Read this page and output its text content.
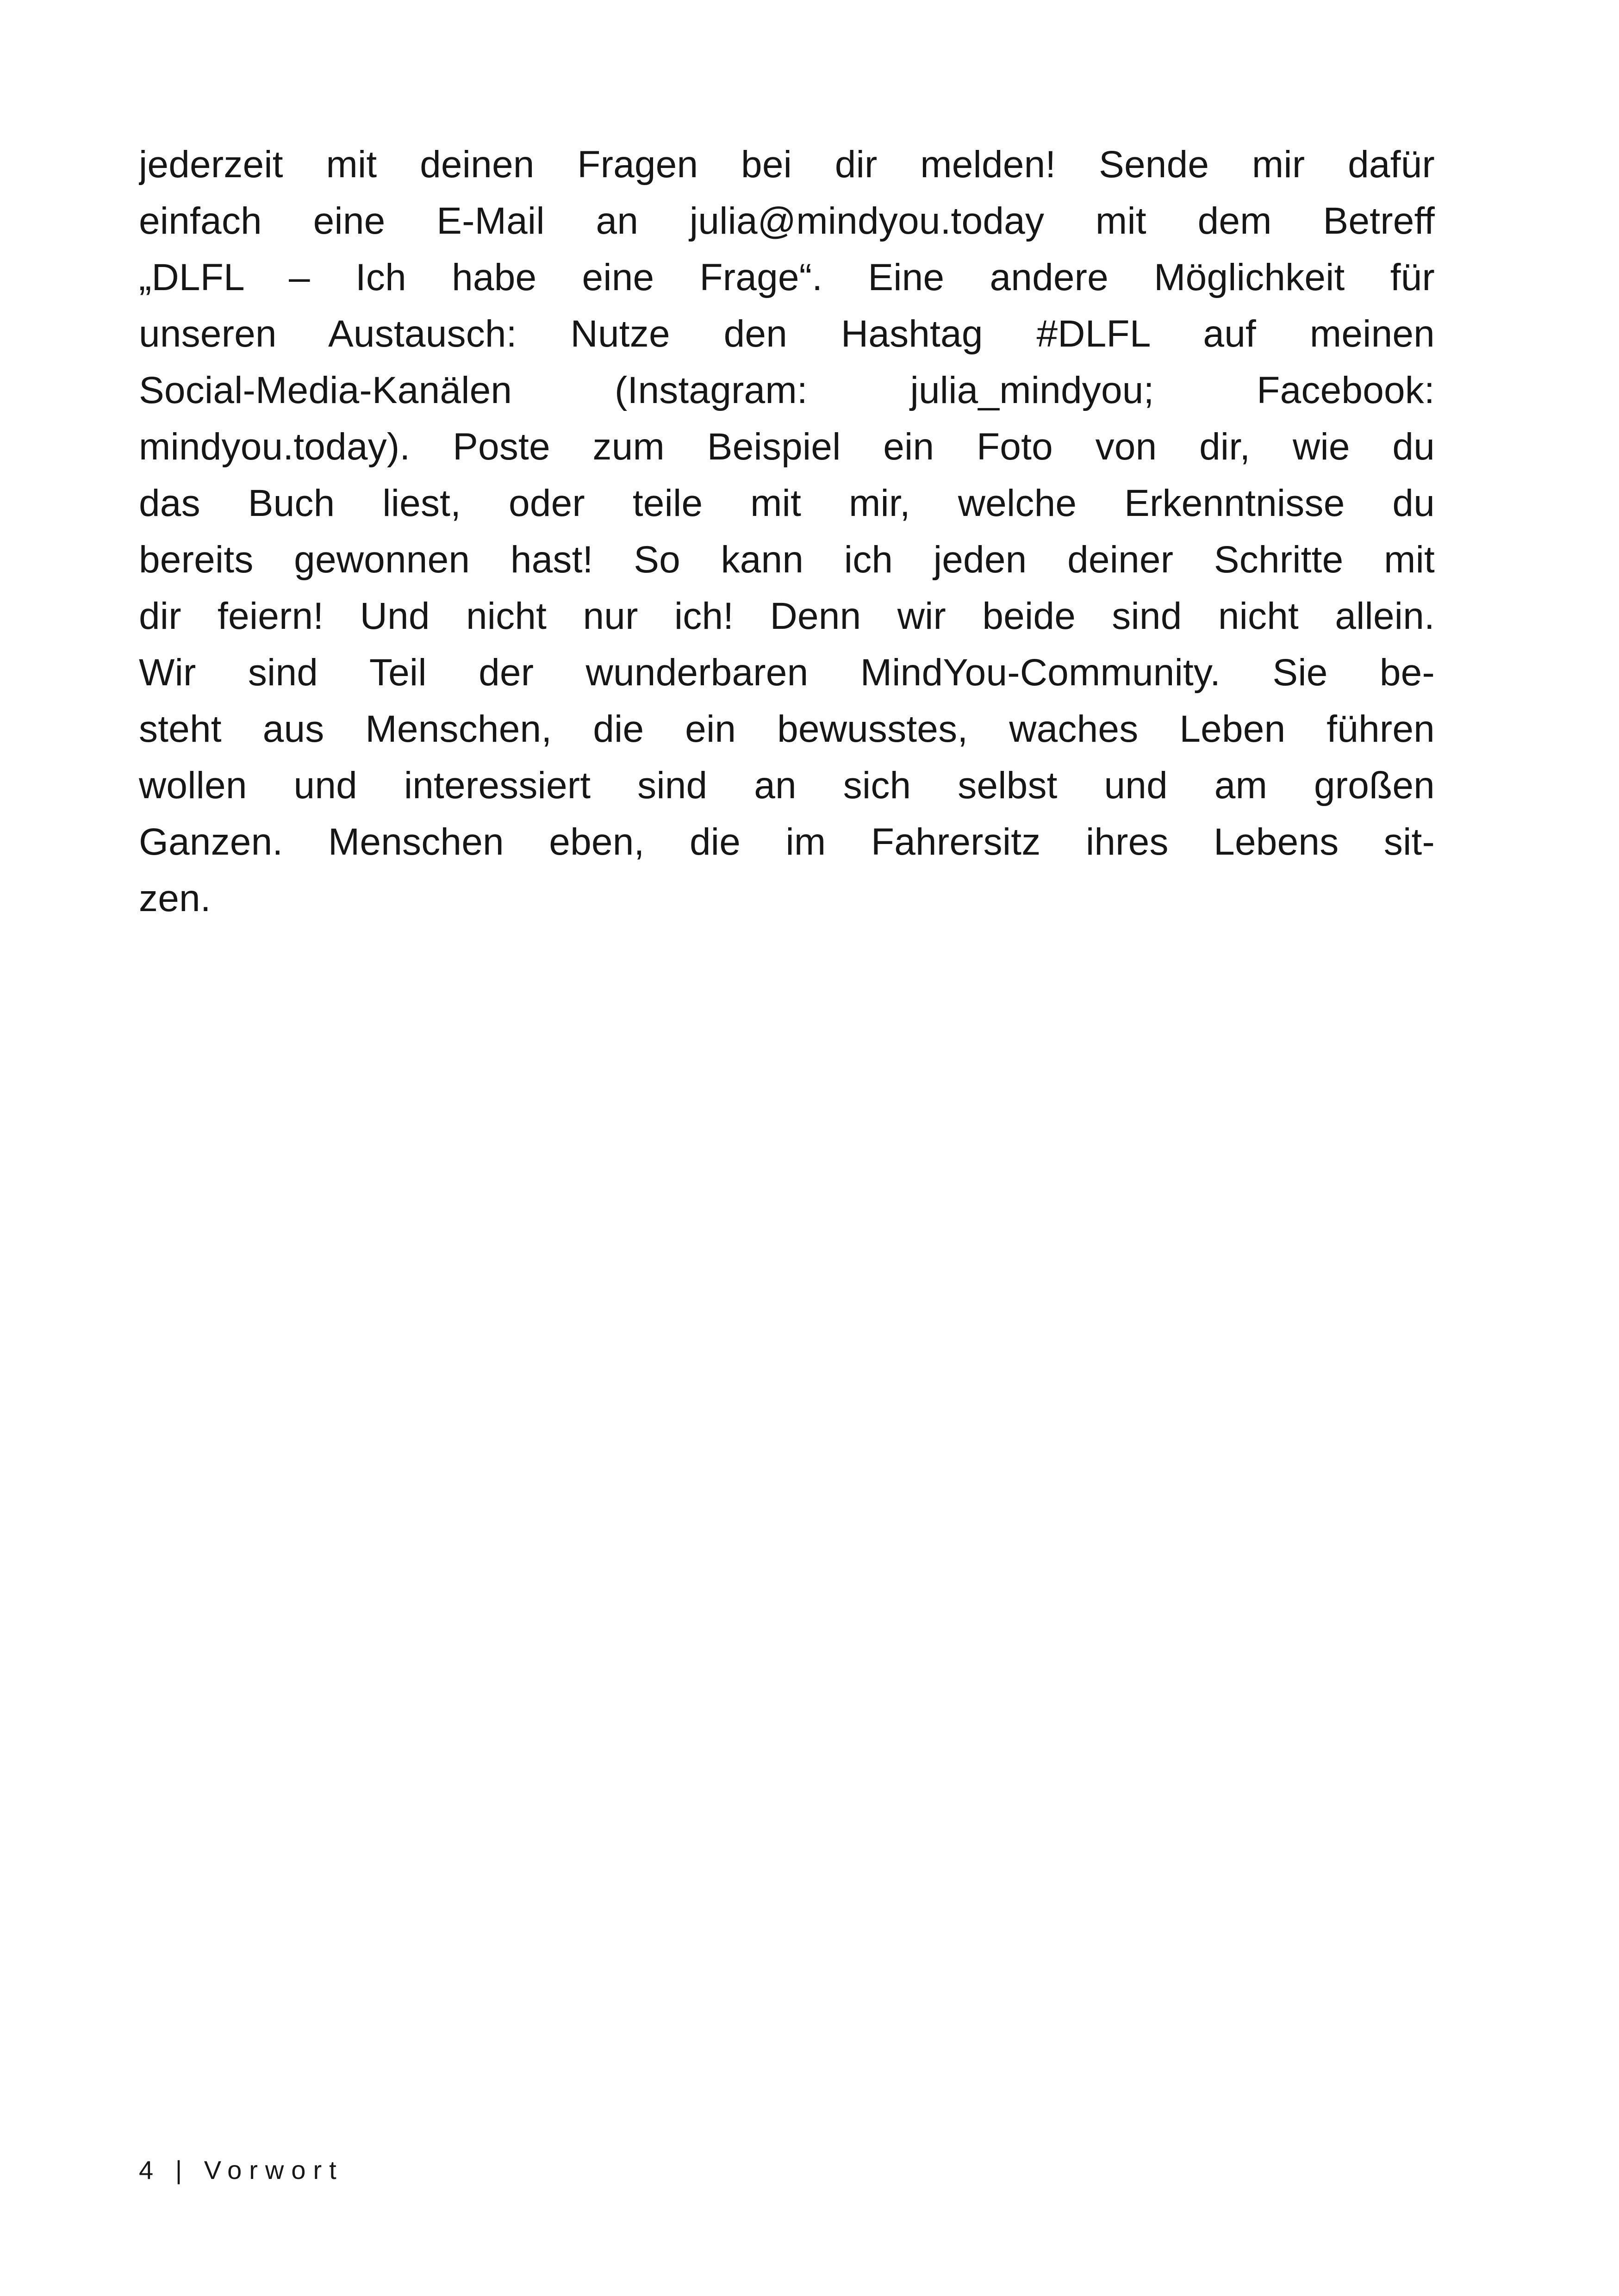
jederzeit mit deinen Fragen bei dir melden! Sende mir dafür
einfach eine E-Mail an julia@mindyou.today mit dem Betreff
„DLFL – Ich habe eine Frage“. Eine andere Möglichkeit für
unseren Austausch: Nutze den Hashtag #DLFL auf meinen
Social-Media-Kanälen (Instagram: julia_mindyou; Facebook:
mindyou.today). Poste zum Beispiel ein Foto von dir, wie du
das Buch liest, oder teile mit mir, welche Erkenntnisse du
bereits gewonnen hast! So kann ich jeden deiner Schritte mit
dir feiern! Und nicht nur ich! Denn wir beide sind nicht allein.
Wir sind Teil der wunderbaren MindYou-Community. Sie be-
steht aus Menschen, die ein bewusstes, waches Leben führen
wollen und interessiert sind an sich selbst und am großen
Ganzen. Menschen eben, die im Fahrersitz ihres Lebens sit-
zen.
4 | Vorwort
